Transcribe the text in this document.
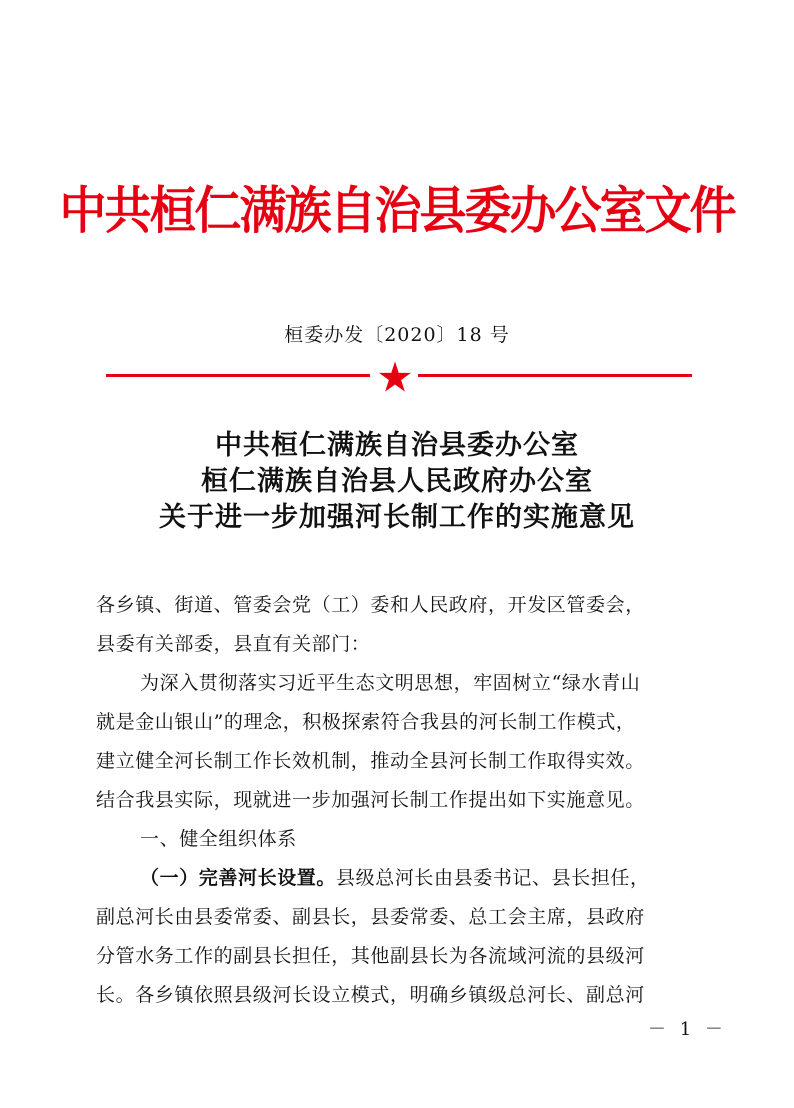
中共桓仁满族自治县委办公室文件
桓委办发〔2020〕18 号
中共桓仁满族自治县委办公室
桓仁满族自治县人民政府办公室
关于进一步加强河长制工作的实施意见
各乡镇、街道、管委会党（工）委和人民政府，开发区管委会，
县委有关部委，县直有关部门：
为深入贯彻落实习近平生态文明思想，牢固树立“绿水青山
就是金山银山”的理念，积极探索符合我县的河长制工作模式，
建立健全河长制工作长效机制，推动全县河长制工作取得实效。
结合我县实际，现就进一步加强河长制工作提出如下实施意见。
一、健全组织体系
（一）完善河长设置。县级总河长由县委书记、县长担任，
副总河长由县委常委、副县长，县委常委、总工会主席，县政府
分管水务工作的副县长担任，其他副县长为各流域河流的县级河
长。各乡镇依照县级河长设立模式，明确乡镇级总河长、副总河
－ 1 －
